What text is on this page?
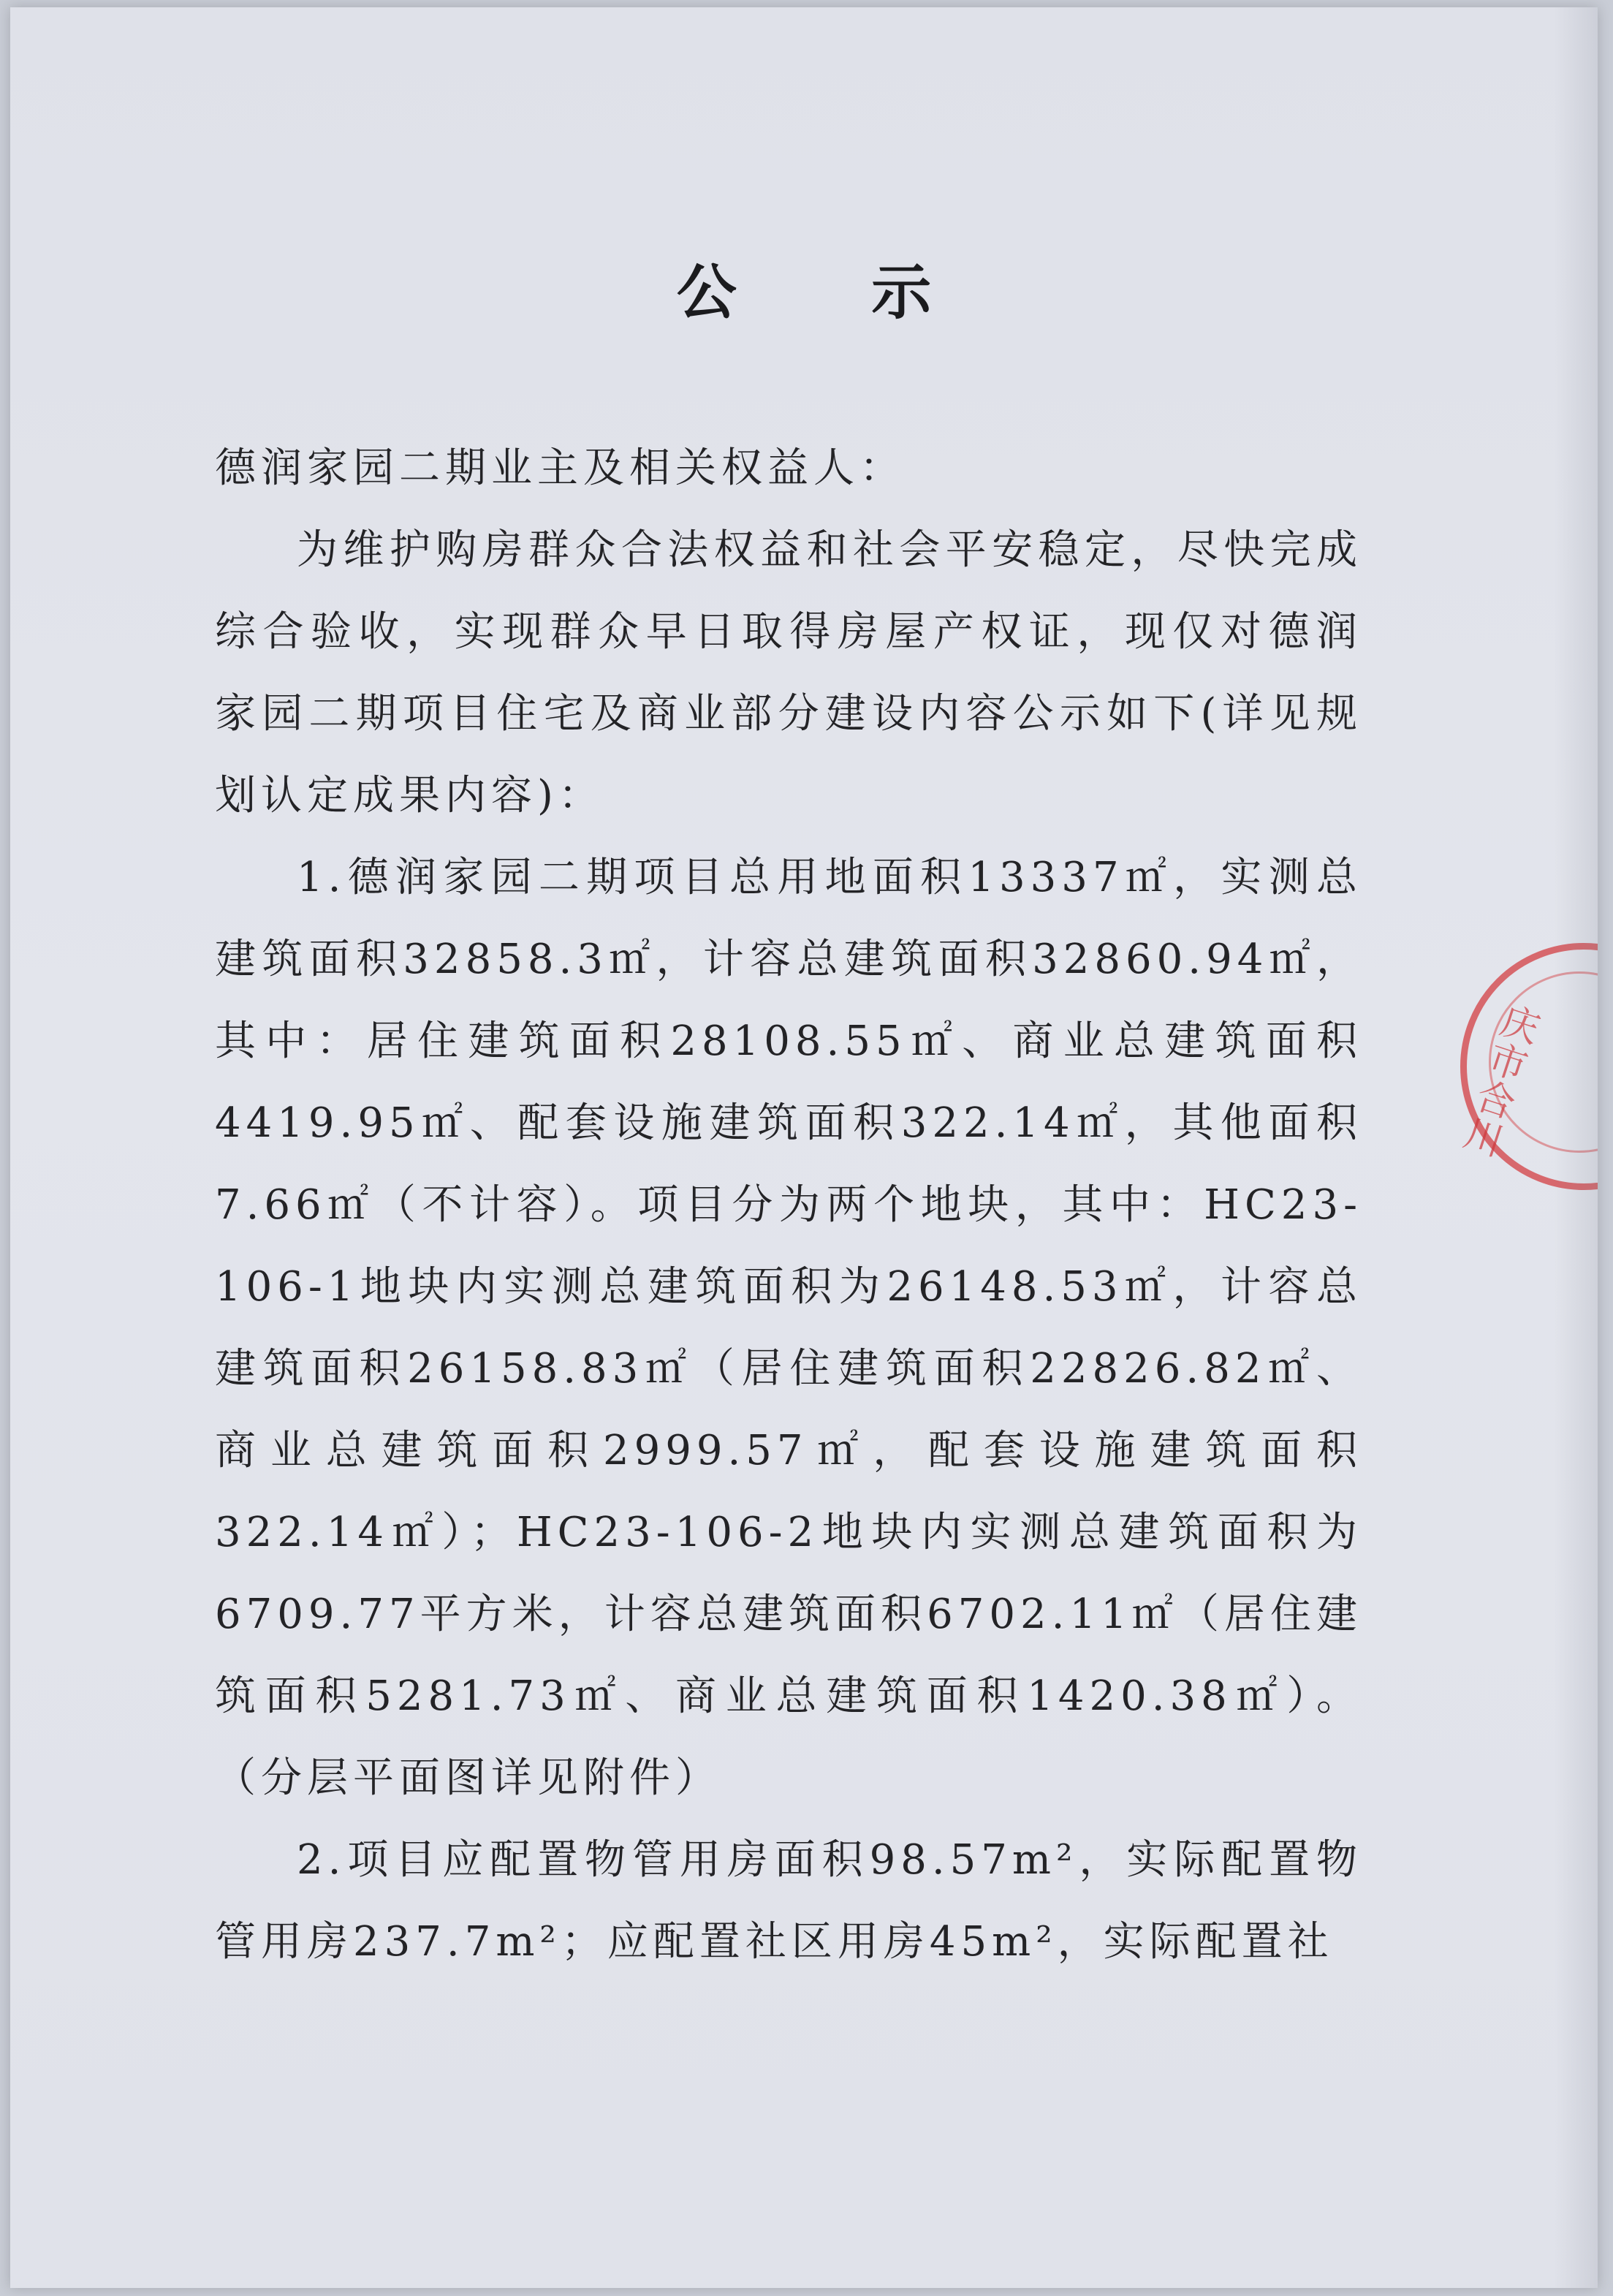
公 示

德润家园二期业主及相关权益人：

为维护购房群众合法权益和社会平安稳定，尽快完成综合验收，实现群众早日取得房屋产权证，现仅对德润家园二期项目住宅及商业部分建设内容公示如下(详见规划认定成果内容)：

1.德润家园二期项目总用地面积13337㎡，实测总建筑面积32858.3㎡，计容总建筑面积32860.94㎡，其中：居住建筑面积28108.55㎡、商业总建筑面积4419.95㎡、配套设施建筑面积322.14㎡，其他面积7.66㎡（不计容）。项目分为两个地块，其中：HC23-106-1地块内实测总建筑面积为26148.53㎡，计容总建筑面积26158.83㎡（居住建筑面积22826.82㎡、商业总建筑面积2999.57㎡，配套设施建筑面积322.14㎡）；HC23-106-2地块内实测总建筑面积为6709.77平方米，计容总建筑面积6702.11㎡（居住建筑面积5281.73㎡、商业总建筑面积1420.38㎡）。（分层平面图详见附件）

2.项目应配置物管用房面积98.57m²，实际配置物管用房237.7m²；应配置社区用房45m²，实际配置社

庆市合川
